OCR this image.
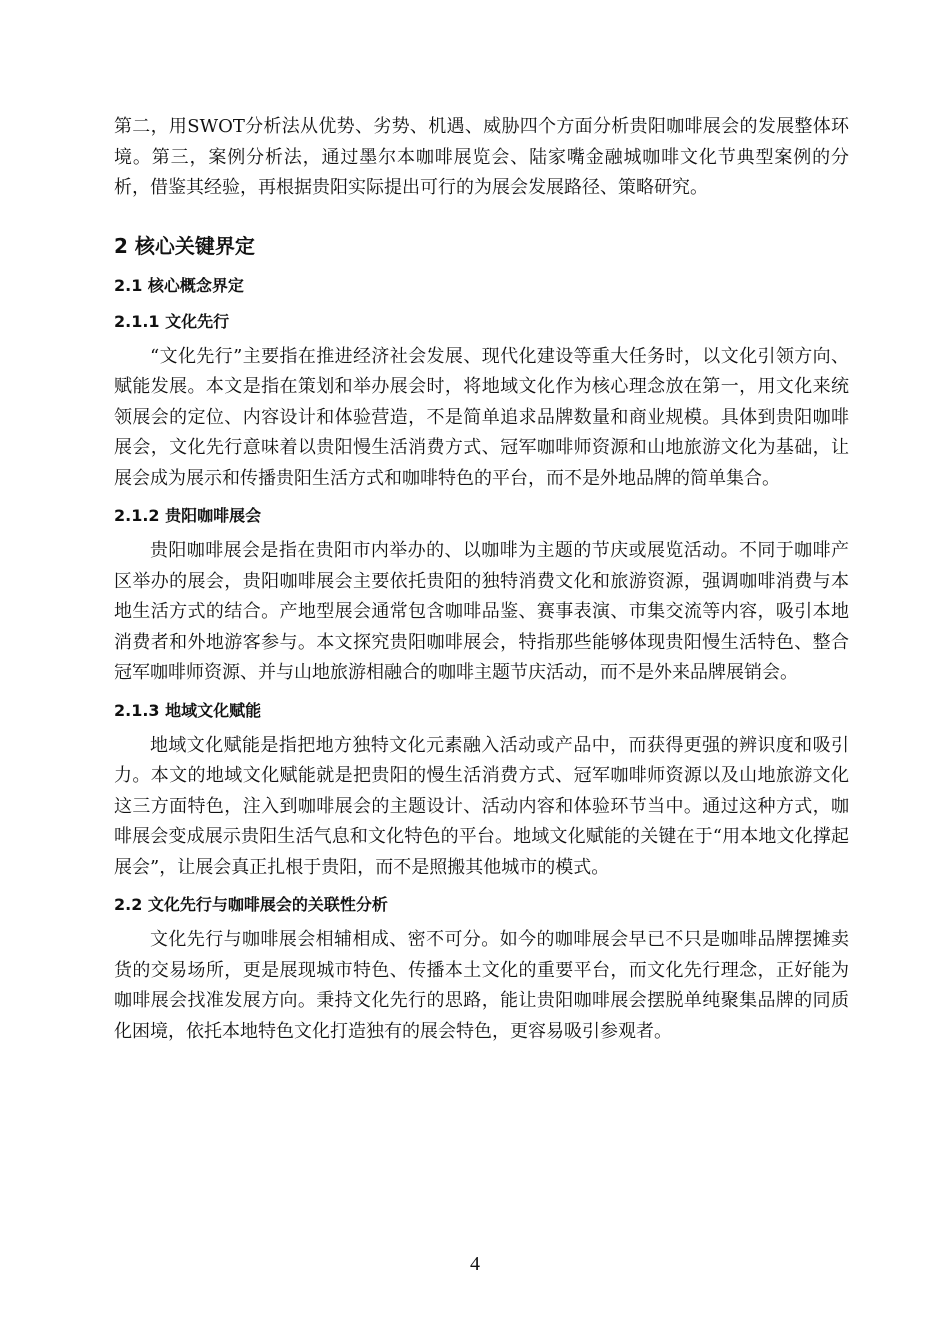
第二，用SWOT分析法从优势、劣势、机遇、威胁四个方面分析贵阳咖啡展会的发展整体环境。第三，案例分析法，通过墨尔本咖啡展览会、陆家嘴金融城咖啡文化节典型案例的分析，借鉴其经验，再根据贵阳实际提出可行的为展会发展路径、策略研究。

2 核心关键界定
2.1 核心概念界定
2.1.1 文化先行

“文化先行”主要指在推进经济社会发展、现代化建设等重大任务时，以文化引领方向、赋能发展。本文是指在策划和举办展会时，将地域文化作为核心理念放在第一，用文化来统领展会的定位、内容设计和体验营造，不是简单追求品牌数量和商业规模。具体到贵阳咖啡展会，文化先行意味着以贵阳慢生活消费方式、冠军咖啡师资源和山地旅游文化为基础，让展会成为展示和传播贵阳生活方式和咖啡特色的平台，而不是外地品牌的简单集合。

2.1.2 贵阳咖啡展会

贵阳咖啡展会是指在贵阳市内举办的、以咖啡为主题的节庆或展览活动。不同于咖啡产区举办的展会，贵阳咖啡展会主要依托贵阳的独特消费文化和旅游资源，强调咖啡消费与本地生活方式的结合。产地型展会通常包含咖啡品鉴、赛事表演、市集交流等内容，吸引本地消费者和外地游客参与。本文探究贵阳咖啡展会，特指那些能够体现贵阳慢生活特色、整合冠军咖啡师资源、并与山地旅游相融合的咖啡主题节庆活动，而不是外来品牌展销会。

2.1.3 地域文化赋能

地域文化赋能是指把地方独特文化元素融入活动或产品中，而获得更强的辨识度和吸引力。本文的地域文化赋能就是把贵阳的慢生活消费方式、冠军咖啡师资源以及山地旅游文化这三方面特色，注入到咖啡展会的主题设计、活动内容和体验环节当中。通过这种方式，咖啡展会变成展示贵阳生活气息和文化特色的平台。地域文化赋能的关键在于“用本地文化撑起展会”，让展会真正扎根于贵阳，而不是照搬其他城市的模式。

2.2 文化先行与咖啡展会的关联性分析

文化先行与咖啡展会相辅相成、密不可分。如今的咖啡展会早已不只是咖啡品牌摆摊卖货的交易场所，更是展现城市特色、传播本土文化的重要平台，而文化先行理念，正好能为咖啡展会找准发展方向。秉持文化先行的思路，能让贵阳咖啡展会摆脱单纯聚集品牌的同质化困境，依托本地特色文化打造独有的展会特色，更容易吸引参观者。

4
